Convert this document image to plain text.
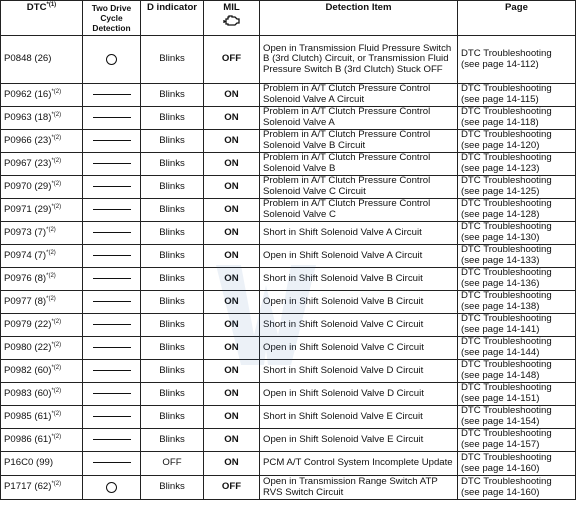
DTC$^{*(1)}$	Two Drive Cycle Detection	D indicator	MIL	Detection Item	Page
P0848 (26)		Blinks	OFF	Open in Transmission Fluid Pressure Switch B (3rd Clutch) Circuit, or Transmission Fluid Pressure Switch B (3rd Clutch) Stuck OFF	DTC Troubleshooting
(see page 14-112)

P0962 $(16)^{*(2)}$		Blinks	ON	Problem in A/T Clutch Pressure Control Solenoid Valve A Circuit	DTC Troubleshooting
(see page 14-115)

P0963 $(18)^{*(2)}$		Blinks	ON	Problem in A/T Clutch Pressure Control Solenoid Valve A	DTC Troubleshooting
(see page 14-118)

P0966 $(23)^{*(2)}$		Blinks	ON	Problem in A/T Clutch Pressure Control Solenoid Valve B Circuit	DTC Troubleshooting
(see page 14-120)

P0967 $(23)^{*(2)}$		Blinks	ON	Problem in A/T Clutch Pressure Control Solenoid Valve B	DTC Troubleshooting
(see page 14-123)

P0970 $(29)^{*(2)}$		Blinks	ON	Problem in A/T Clutch Pressure Control Solenoid Valve C Circuit	DTC Troubleshooting
(see page 14-125)

P0971 $(29)^{*(2)}$		Blinks	ON	Problem in A/T Clutch Pressure Control Solenoid Valve C	DTC Troubleshooting
(see page 14-128)

P0973 $(7)^{*(2)}$		Blinks	ON	Short in Shift Solenoid Valve A Circuit	DTC Troubleshooting
(see page 14-130)

P0974 $(7)^{*(2)}$		Blinks	ON	Open in Shift Solenoid Valve A Circuit	DTC Troubleshooting
(see page 14-133)

P0976 $(8)^{*(2)}$		Blinks	ON	Short in Shift Solenoid Valve B Circuit	DTC Troubleshooting
(see page 14-136)

P0977 $(8)^{*(2)}$		Blinks	ON	Open in Shift Solenoid Valve B Circuit	DTC Troubleshooting
(see page 14-138)

P0979 $(22)^{*(2)}$		Blinks	ON	Short in Shift Solenoid Valve C Circuit	DTC Troubleshooting
(see page 14-141)

P0980 $(22)^{*(2)}$		Blinks	ON	Open in Shift Solenoid Valve C Circuit	DTC Troubleshooting
(see page 14-144)

P0982 $(60)^{*(2)}$		Blinks	ON	Short in Shift Solenoid Valve D Circuit	DTC Troubleshooting
(see page 14-148)

P0983 $(60)^{*(2)}$		Blinks	ON	Open in Shift Solenoid Valve D Circuit	DTC Troubleshooting
(see page 14-151)

P0985 $(61)^{*(2)}$		Blinks	ON	Short in Shift Solenoid Valve E Circuit	DTC Troubleshooting
(see page 14-154)

P0986 $(61)^{*(2)}$		Blinks	ON	Open in Shift Solenoid Valve E Circuit	DTC Troubleshooting
(see page 14-157)

P16C0 (99)		OFF	ON	PCM A/T Control System Incomplete Update	DTC Troubleshooting
(see page 14-160)

P1717 $(62)^{*(2)}$		Blinks	OFF	Open in Transmission Range Switch ATP RVS Switch Circuit	DTC Troubleshooting
(see page 14-160)
